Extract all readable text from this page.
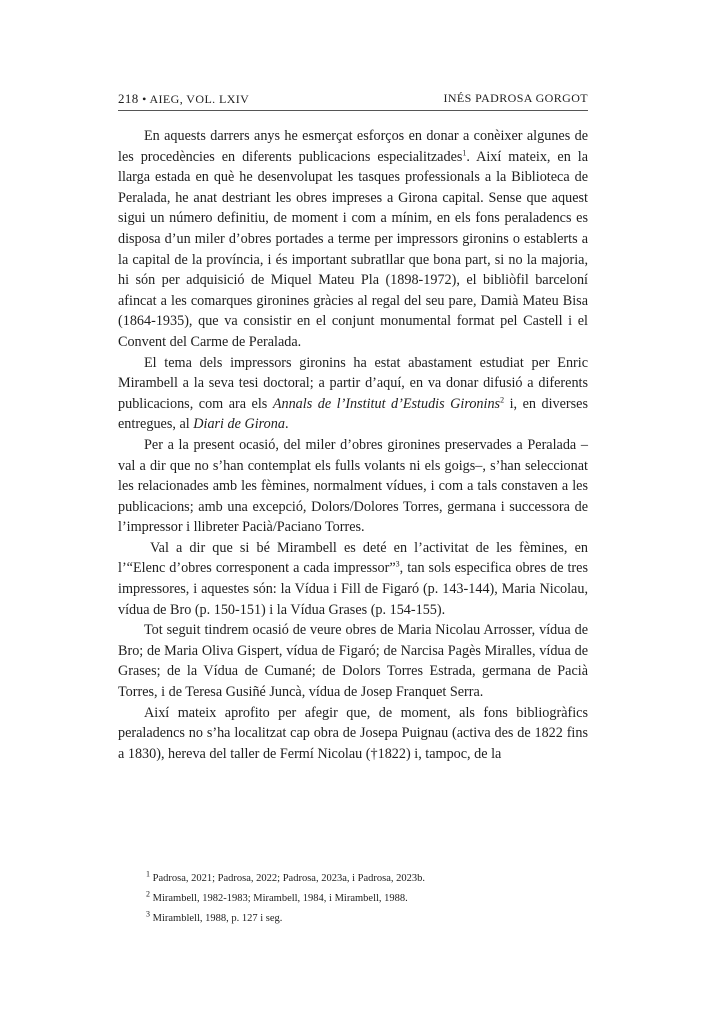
218 • AIEG, VOL. LXIV	INÉS PADROSA GORGOT

En aquests darrers anys he esmerçat esforços en donar a conèixer algunes de les procedències en diferents publicacions especialitzades$^1$. Així mateix, en la llarga estada en què he desenvolupat les tasques professionals a la Biblioteca de Peralada, he anat destriant les obres impreses a Girona capital. Sense que aquest sigui un número definitiu, de moment i com a mínim, en els fons peraladencs es disposa d’un miler d’obres portades a terme per impressors gironins o establerts a la capital de la província, i és important subratllar que bona part, si no la majoria, hi són per adquisició de Miquel Mateu Pla (1898-1972), el bibliòfil barceloní afincat a les comarques gironines gràcies al regal del seu pare, Damià Mateu Bisa (1864-1935), que va consistir en el conjunt monumental format pel Castell i el Convent del Carme de Peralada.

El tema dels impressors gironins ha estat abastament estudiat per Enric Mirambell a la seva tesi doctoral; a partir d’aquí, en va donar difusió a diferents publicacions, com ara els Annals de l’Institut d’Estudis Gironins$^2$ i, en diverses entregues, al Diari de Girona.

Per a la present ocasió, del miler d’obres gironines preservades a Peralada –val a dir que no s’han contemplat els fulls volants ni els goigs–, s’han seleccionat les relacionades amb les fèmines, normalment vídues, i com a tals constaven a les publicacions; amb una excepció, Dolors/Dolores Torres, germana i successora de l’impressor i llibreter Pacià/Paciano Torres.

Val a dir que si bé Mirambell es deté en l’activitat de les fèmines, en l’“Elenc d’obres corresponent a cada impressor”$^3$, tan sols especifica obres de tres impressores, i aquestes són: la Vídua i Fill de Figaró (p. 143-144), Maria Nicolau, vídua de Bro (p. 150-151) i la Vídua Grases (p. 154-155).

Tot seguit tindrem ocasió de veure obres de Maria Nicolau Arrosser, vídua de Bro; de Maria Oliva Gispert, vídua de Figaró; de Narcisa Pagès Miralles, vídua de Grases; de la Vídua de Cumané; de Dolors Torres Estrada, germana de Pacià Torres, i de Teresa Gusiñé Juncà, vídua de Josep Franquet Serra.

Així mateix aprofito per afegir que, de moment, als fons bibliogràfics peraladencs no s’ha localitzat cap obra de Josepa Puignau (activa des de 1822 fins a 1830), hereva del taller de Fermí Nicolau (†1822) i, tampoc, de la

$^1$ Padrosa, 2021; Padrosa, 2022; Padrosa, 2023a, i Padrosa, 2023b.
$^2$ Mirambell, 1982-1983; Mirambell, 1984, i Mirambell, 1988.
$^3$ Miramblell, 1988, p. 127 i seg.
